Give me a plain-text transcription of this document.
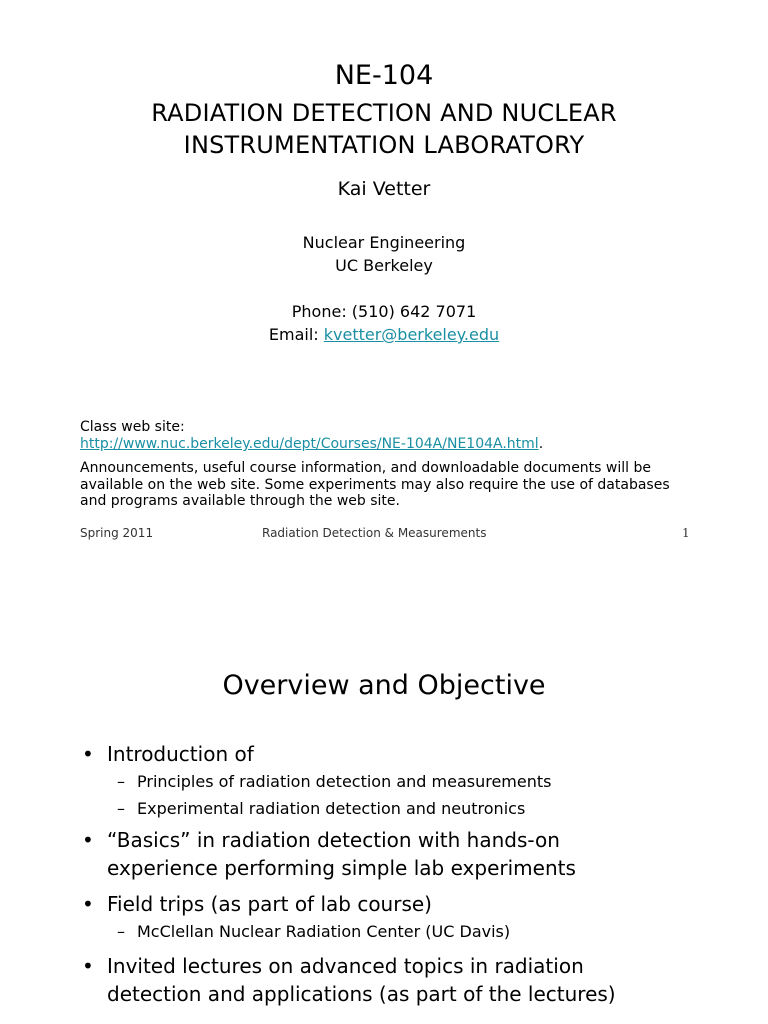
NE-104
RADIATION DETECTION AND NUCLEAR
INSTRUMENTATION LABORATORY
Kai Vetter
Nuclear Engineering
UC Berkeley
Phone: (510) 642 7071
Email: kvetter@berkeley.edu
Class web site:
http://www.nuc.berkeley.edu/dept/Courses/NE-104A/NE104A.html.
Announcements, useful course information, and downloadable documents will be available on the web site. Some experiments may also require the use of databases and programs available through the web site.
Spring 2011	Radiation Detection & Measurements	1
Overview and Objective
• Introduction of
– Principles of radiation detection and measurements
– Experimental radiation detection and neutronics
• “Basics” in radiation detection with hands-on experience performing simple lab experiments
• Field trips (as part of lab course)
– McClellan Nuclear Radiation Center (UC Davis)
• Invited lectures on advanced topics in radiation detection and applications (as part of the lectures)
